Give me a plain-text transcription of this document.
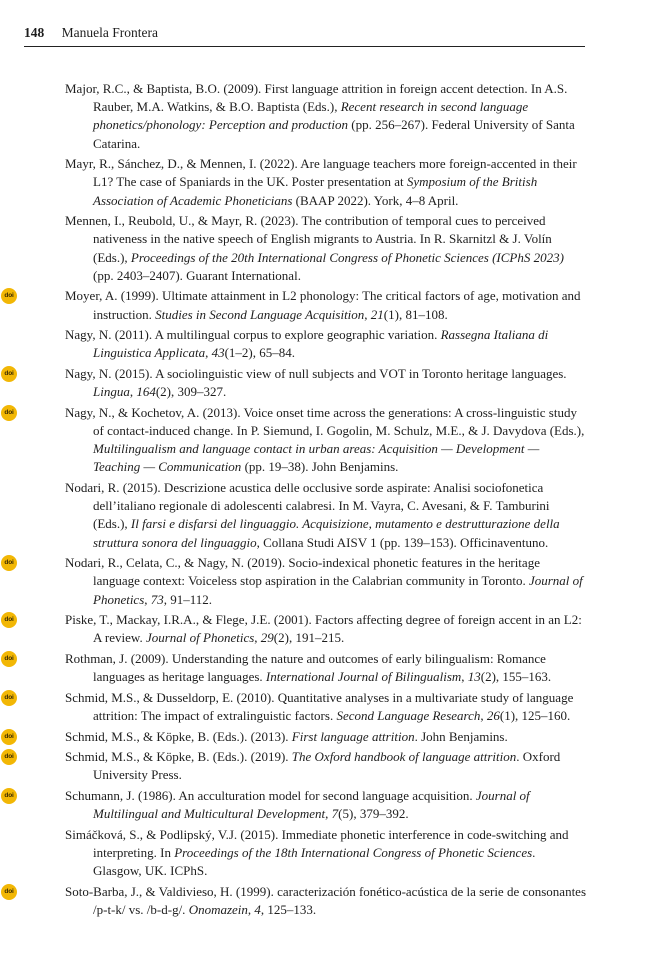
148 Manuela Frontera
Major, R.C., & Baptista, B.O. (2009). First language attrition in foreign accent detection. In A.S. Rauber, M.A. Watkins, & B.O. Baptista (Eds.), Recent research in second language phonetics/phonology: Perception and production (pp. 256–267). Federal University of Santa Catarina.
Mayr, R., Sánchez, D., & Mennen, I. (2022). Are language teachers more foreign-accented in their L1? The case of Spaniards in the UK. Poster presentation at Symposium of the British Association of Academic Phoneticians (BAAP 2022). York, 4–8 April.
Mennen, I., Reubold, U., & Mayr, R. (2023). The contribution of temporal cues to perceived nativeness in the native speech of English migrants to Austria. In R. Skarnitzl & J. Volín (Eds.), Proceedings of the 20th International Congress of Phonetic Sciences (ICPhS 2023) (pp. 2403–2407). Guarant International.
doi	Moyer, A. (1999). Ultimate attainment in L2 phonology: The critical factors of age, motivation and instruction. Studies in Second Language Acquisition, 21(1), 81–108.
Nagy, N. (2011). A multilingual corpus to explore geographic variation. Rassegna Italiana di Linguistica Applicata, 43(1–2), 65–84.
doi	Nagy, N. (2015). A sociolinguistic view of null subjects and VOT in Toronto heritage languages. Lingua, 164(2), 309–327.
doi	Nagy, N., & Kochetov, A. (2013). Voice onset time across the generations: A cross-linguistic study of contact-induced change. In P. Siemund, I. Gogolin, M. Schulz, M.E., & J. Davydova (Eds.), Multilingualism and language contact in urban areas: Acquisition — Development — Teaching — Communication (pp. 19–38). John Benjamins.
Nodari, R. (2015). Descrizione acustica delle occlusive sorde aspirate: Analisi sociofonetica dell’italiano regionale di adolescenti calabresi. In M. Vayra, C. Avesani, & F. Tamburini (Eds.), Il farsi e disfarsi del linguaggio. Acquisizione, mutamento e destrutturazione della struttura sonora del linguaggio, Collana Studi AISV 1 (pp. 139–153). Officinaventuno.
doi	Nodari, R., Celata, C., & Nagy, N. (2019). Socio-indexical phonetic features in the heritage language context: Voiceless stop aspiration in the Calabrian community in Toronto. Journal of Phonetics, 73, 91–112.
doi	Piske, T., Mackay, I.R.A., & Flege, J.E. (2001). Factors affecting degree of foreign accent in an L2: A review. Journal of Phonetics, 29(2), 191–215.
doi	Rothman, J. (2009). Understanding the nature and outcomes of early bilingualism: Romance languages as heritage languages. International Journal of Bilingualism, 13(2), 155–163.
doi	Schmid, M.S., & Dusseldorp, E. (2010). Quantitative analyses in a multivariate study of language attrition: The impact of extralinguistic factors. Second Language Research, 26(1), 125–160.
doi	Schmid, M.S., & Köpke, B. (Eds.). (2013). First language attrition. John Benjamins.
doi	Schmid, M.S., & Köpke, B. (Eds.). (2019). The Oxford handbook of language attrition. Oxford University Press.
doi	Schumann, J. (1986). An acculturation model for second language acquisition. Journal of Multilingual and Multicultural Development, 7(5), 379–392.
Simáčková, S., & Podlipský, V.J. (2015). Immediate phonetic interference in code-switching and interpreting. In Proceedings of the 18th International Congress of Phonetic Sciences. Glasgow, UK. ICPhS.
doi	Soto-Barba, J., & Valdivieso, H. (1999). caracterización fonético-acústica de la serie de consonantes /p-t-k/ vs. /b-d-g/. Onomazein, 4, 125–133.
